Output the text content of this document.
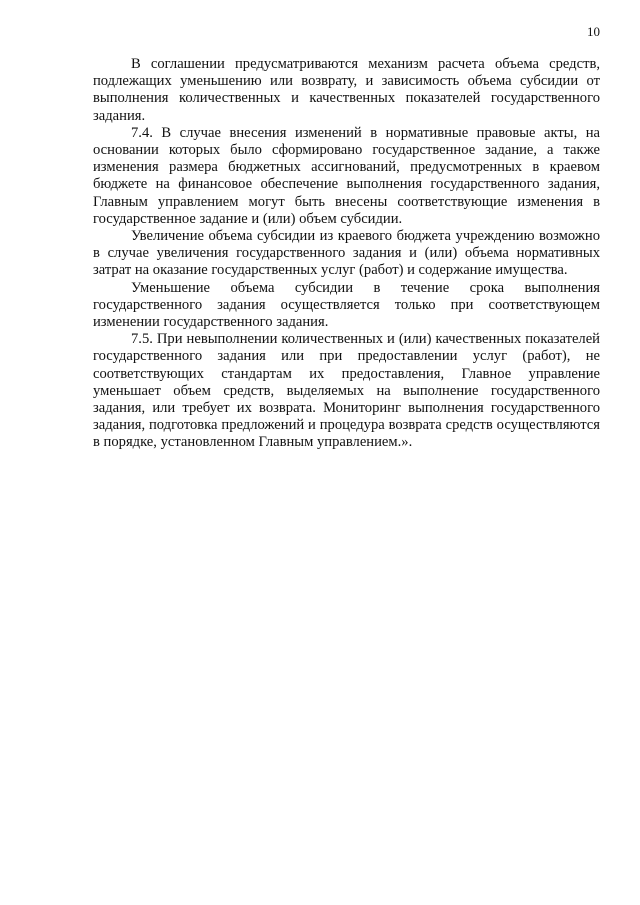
10

В соглашении предусматриваются механизм расчета объема средств, подлежащих уменьшению или возврату, и зависимость объема субсидии от выполнения количественных и качественных показателей государственного задания.

7.4. В случае внесения изменений в нормативные правовые акты, на основании которых было сформировано государственное задание, а также изменения размера бюджетных ассигнований, предусмотренных в краевом бюджете на финансовое обеспечение выполнения государственного задания, Главным управлением могут быть внесены соответствующие изменения в государственное задание и (или) объем субсидии.

Увеличение объема субсидии из краевого бюджета учреждению возможно в случае увеличения государственного задания и (или) объема нормативных затрат на оказание государственных услуг (работ) и содержание имущества.

Уменьшение объема субсидии в течение срока выполнения государственного задания осуществляется только при соответствующем изменении государственного задания.

7.5. При невыполнении количественных и (или) качественных показателей государственного задания или при предоставлении услуг (работ), не соответствующих стандартам их предоставления, Главное управление уменьшает объем средств, выделяемых на выполнение государственного задания, или требует их возврата. Мониторинг выполнения государственного задания, подготовка предложений и процедура возврата средств осуществляются в порядке, установленном Главным управлением.».
